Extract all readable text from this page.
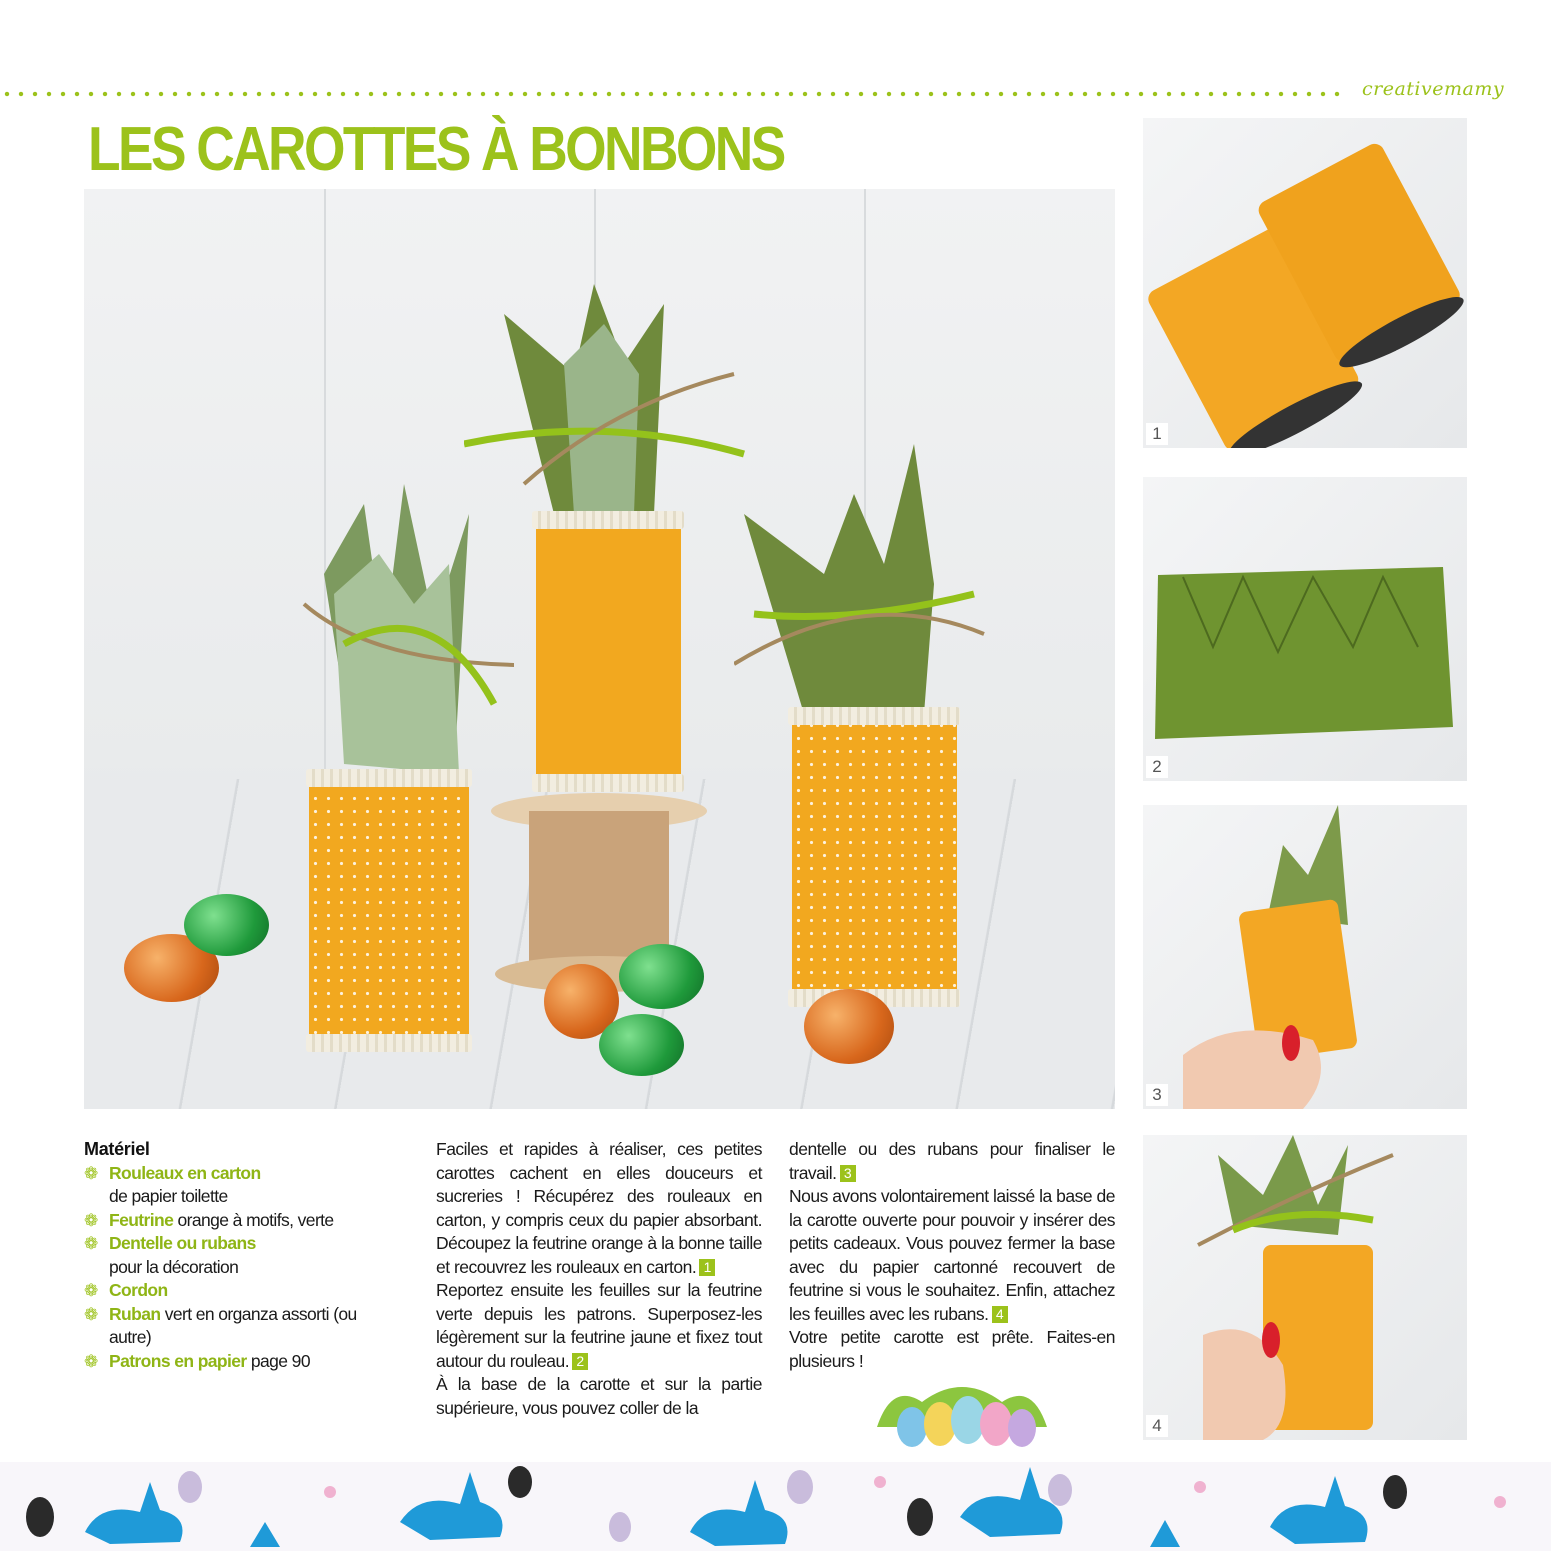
creativemamy
LES CAROTTES À BONBONS
1
2
3
4
Matériel
❁ Rouleaux en carton
de papier toilette
❁ Feutrine orange à motifs, verte
❁ Dentelle ou rubans
pour la décoration
❁ Cordon
❁ Ruban vert en organza assorti (ou autre)
❁ Patrons en papier page 90

Faciles et rapides à réaliser, ces petites carottes cachent en elles douceurs et sucreries ! Récupérez des rouleaux en carton, y compris ceux du papier absorbant. Découpez la feutrine orange à la bonne taille et recouvrez les rouleaux en carton. 1

Reportez ensuite les feuilles sur la feutrine verte depuis les patrons. Superposez-les légèrement sur la feutrine jaune et fixez tout autour du rouleau. 2

À la base de la carotte et sur la partie supérieure, vous pouvez coller de la

dentelle ou des rubans pour finaliser le travail. 3

Nous avons volontairement laissé la base de la carotte ouverte pour pouvoir y insérer des petits cadeaux. Vous pouvez fermer la base avec du papier cartonné recouvert de feutrine si vous le souhaitez. Enfin, attachez les feuilles avec les rubans. 4

Votre petite carotte est prête. Faites-en plusieurs !
